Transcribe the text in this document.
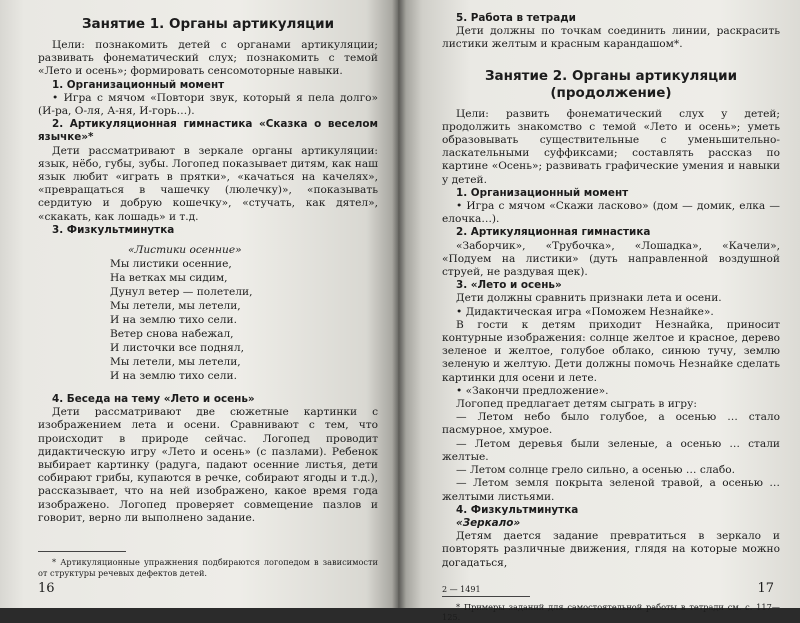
Занятие 1. Органы артикуляции

Цели: познакомить детей с органами артикуляции; развивать фонематический слух; познакомить с темой «Лето и осень»; формировать сенсомоторные навыки.

1. Организационный момент

• Игра с мячом «Повтори звук, который я пела долго» (И-ра, О-ля, А-ня, И-горь…).

2. Артикуляционная гимнастика «Сказка о веселом язычке»*

Дети рассматривают в зеркале органы артикуляции: язык, нёбо, губы, зубы. Логопед показывает дитям, как наш язык любит «играть в прятки», «качаться на качелях», «превращаться в чашечку (люлечку)», «показывать сердитую и добрую кошечку», «стучать, как дятел», «скакать, как лошадь» и т.д.

3. Физкультминутка

«Листики осенние»

Мы листики осенние,

На ветках мы сидим,

Дунул ветер — полетели,

Мы летели, мы летели,

И на землю тихо сели.

Ветер снова набежал,

И листочки все поднял,

Мы летели, мы летели,

И на землю тихо сели.

4. Беседа на тему «Лето и осень»

Дети рассматривают две сюжетные картинки с изображением лета и осени. Сравнивают с тем, что происходит в природе сейчас. Логопед проводит дидактическую игру «Лето и осень» (с пазлами). Ребенок выбирает картинку (радуга, падают осенние листья, дети собирают грибы, купаются в речке, собирают ягоды и т.д.), рассказывает, что на ней изображено, какое время года изображено. Логопед проверяет совмещение пазлов и говорит, верно ли выполнено задание.

* Артикуляционные упражнения подбираются логопедом в зависимости от структуры речевых дефектов детей.

16

5. Работа в тетради

Дети должны по точкам соединить линии, раскрасить листики желтым и красным карандашом*.

Занятие 2. Органы артикуляции
(продолжение)

Цели: развить фонематический слух у детей; продолжить знакомство с темой «Лето и осень»; уметь образовывать существительные с уменьшительно-ласкательными суффиксами; составлять рассказ по картине «Осень»; развивать графические умения и навыки у детей.

1. Организационный момент

• Игра с мячом «Скажи ласково» (дом — домик, елка — елочка…).

2. Артикуляционная гимнастика

«Заборчик», «Трубочка», «Лошадка», «Качели», «Подуем на листики» (дуть направленной воздушной струей, не раздувая щек).

3. «Лето и осень»

Дети должны сравнить признаки лета и осени.

• Дидактическая игра «Поможем Незнайке».

В гости к детям приходит Незнайка, приносит контурные изображения: солнце желтое и красное, дерево зеленое и желтое, голубое облако, синюю тучу, землю зеленую и желтую. Дети должны помочь Незнайке сделать картинки для осени и лете.

• «Закончи предложение».

Логопед предлагает детям сыграть в игру:

— Летом небо было голубое, а осенью … стало пасмурное, хмурое.

— Летом деревья были зеленые, а осенью … стали желтые.

— Летом солнце грело сильно, а осенью … слабо.

— Летом земля покрыта зеленой травой, а осенью … желтыми листьями.

4. Физкультминутка

«Зеркало»

Детям дается задание превратиться в зеркало и повторять различные движения, глядя на которые можно догадаться,

* Примеры заданий для самостоятельной работы в тетради см. с. 117—125.

2 — 1491	17
